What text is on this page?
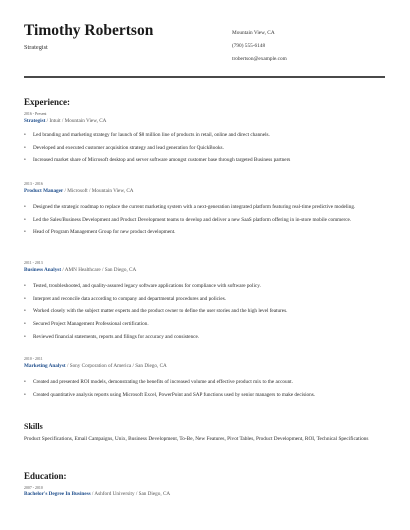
Timothy Robertson
Strategist
Mountain View, CA
(790) 555-6148
trobertson@example.com
Experience:
2016 - Present
Strategist / Intuit / Mountain View, CA
• Led branding and marketing strategy for launch of $8 million line of products in retail, online and direct channels.
• Developed and executed customer acquisition strategy and lead generation for QuickBooks.
• Increased market share of Microsoft desktop and server software amongst customer base through targeted Business partners
2013 - 2016
Product Manager / Microsoft / Mountain View, CA
• Designed the strategic roadmap to replace the current marketing system with a next-generation integrated platform featuring real-time predictive modeling.
• Led the Sales/Business Development and Product Development teams to develop and deliver a new SaaS platform offering in in-store mobile commerce.
• Head of Program Management Group for new product development.
2011 - 2013
Business Analyst / AMN Healthcare / San Diego, CA
• Tested, troubleshooted, and quality-assured legacy software applications for compliance with software policy.
• Interpret and reconcile data according to company and departmental procedures and policies.
• Worked closely with the subject matter experts and the product owner to define the user stories and the high level features.
• Secured Project Management Professional certification.
• Reviewed financial statements, reports and filings for accuracy and consistence.
2010 - 2011
Marketing Analyst / Sony Corporation of America / San Diego, CA
• Created and presented ROI models, demonstrating the benefits of increased volume and effective product mix to the account.
• Created quantitative analysis reports using Microsoft Excel, PowerPoint and SAP functions used by senior managers to make decisions.
Skills
Product Specifications, Email Campaigns, Unix, Business Development, To-Be, New Features, Pivot Tables, Product Development, ROI, Technical Specifications
Education:
2007 - 2010
Bachelor's Degree In Business / Ashford University / San Diego, CA
